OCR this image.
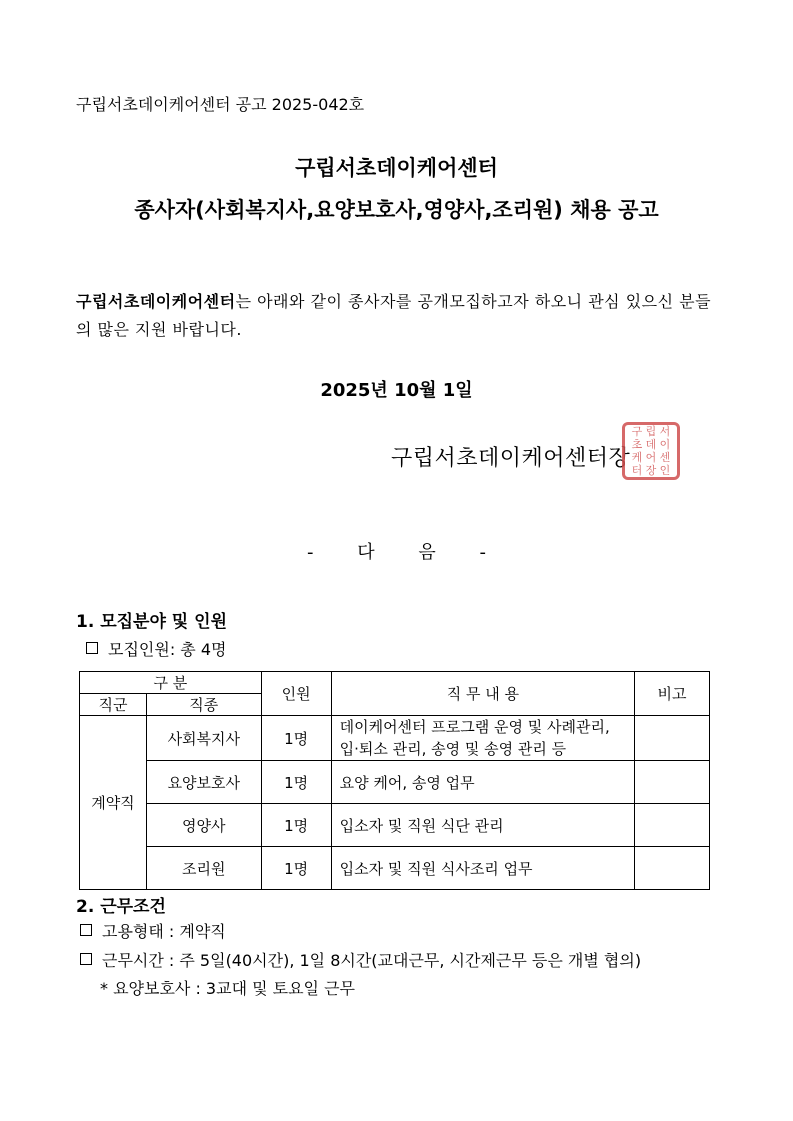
구립서초데이케어센터 공고 2025-042호
구립서초데이케어센터
종사자(사회복지사,요양보호사,영양사,조리원) 채용 공고
구립서초데이케어센터는 아래와 같이 종사자를 공개모집하고자 하오니 관심 있으신 분들의 많은 지원 바랍니다.
2025년 10월 1일
구립서초데이케어센터장
구 립 서
초 데 이
케 어 센
터 장 인
- 다 음 -
1. 모집분야 및 인원
모집인원: 총 4명
구 분		인원	직 무 내 용	비고
직군	직종			
계약직	사회복지사	1명	데이케어센터 프로그램 운영 및 사례관리,
입·퇴소 관리, 송영 및 송영 관리 등	

	요양보호사	1명	요양 케어, 송영 업무	
	영양사	1명	입소자 및 직원 식단 관리	
	조리원	1명	입소자 및 직원 식사조리 업무	
2. 근무조건
고용형태 : 계약직
근무시간 : 주 5일(40시간), 1일 8시간(교대근무, 시간제근무 등은 개별 협의)
* 요양보호사 : 3교대 및 토요일 근무
